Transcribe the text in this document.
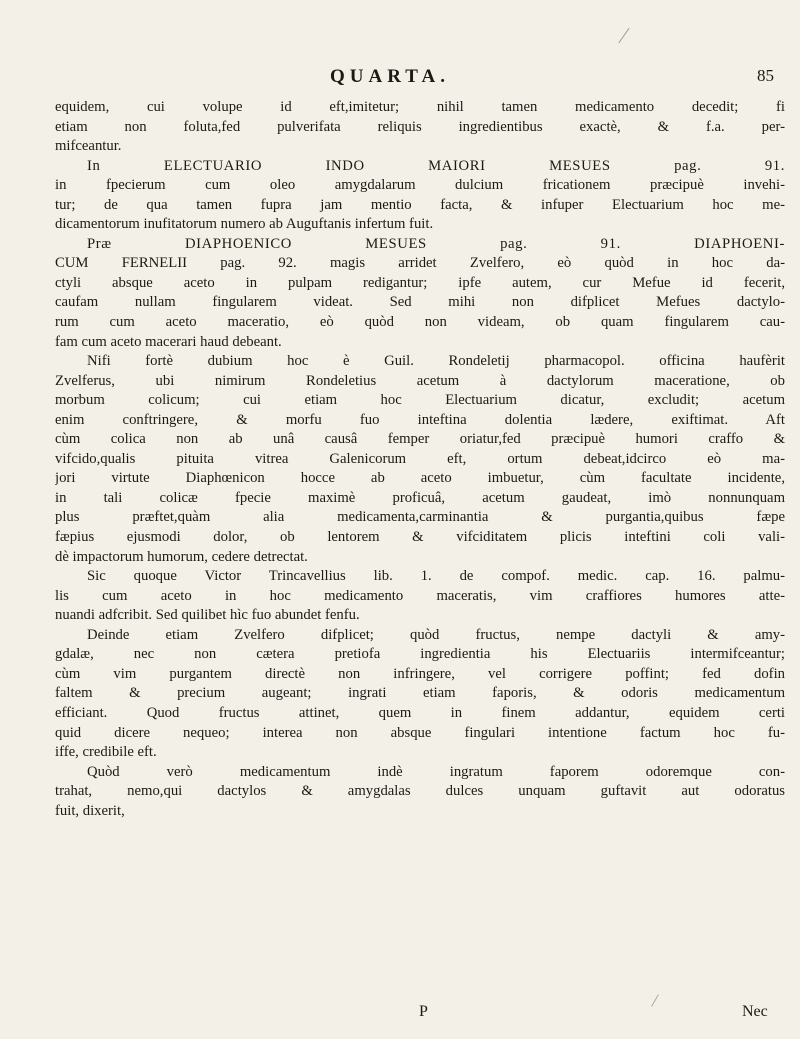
QUARTA.	85
equidem, cui volupe id eft,imitetur; nihil tamen medicamento decedit; fi
etiam non foluta,fed pulverifata reliquis ingredientibus exactè, & f.a. per-
mifceantur.
In ELECTUARIO INDO MAIORI MESUES pag. 91.
in fpecierum cum oleo amygdalarum dulcium fricationem præcipuè invehi-
tur; de qua tamen fupra jam mentio facta, & infuper Electuarium hoc me-
dicamentorum inufitatorum numero ab Auguftanis infertum fuit.
Præ DIAPHOENICO MESUES pag. 91. DIAPHOENI-
CUM FERNELII pag. 92. magis arridet Zvelfero, eò quòd in hoc da-
ctyli absque aceto in pulpam redigantur; ipfe autem, cur Mefue id fecerit,
caufam nullam fingularem videat. Sed mihi non difplicet Mefues dactylo-
rum cum aceto maceratio, eò quòd non videam, ob quam fingularem cau-
fam cum aceto macerari haud debeant.
Nifi fortè dubium hoc è Guil. Rondeletij pharmacopol. officina haufèrit
Zvelferus, ubi nimirum Rondeletius acetum à dactylorum maceratione, ob
morbum colicum; cui etiam hoc Electuarium dicatur, excludit; acetum
enim conftringere, & morfu fuo inteftina dolentia lædere, exiftimat. Aft
cùm colica non ab unâ causâ femper oriatur,fed præcipuè humori craffo &
vifcido,qualis pituita vitrea Galenicorum eft, ortum debeat,idcirco eò ma-
jori virtute Diaphœnicon hocce ab aceto imbuetur, cùm facultate incidente,
in tali colicæ fpecie maximè proficuâ, acetum gaudeat, imò nonnunquam
plus præftet,quàm alia medicamenta,carminantia & purgantia,quibus fæpe
fæpius ejusmodi dolor, ob lentorem & vifciditatem plicis inteftini coli vali-
dè impactorum humorum, cedere detrectat.
Sic quoque Victor Trincavellius lib. 1. de compof. medic. cap. 16. palmu-
lis cum aceto in hoc medicamento maceratis, vim craffiores humores atte-
nuandi adfcribit. Sed quilibet hìc fuo abundet fenfu.
Deinde etiam Zvelfero difplicet; quòd fructus, nempe dactyli & amy-
gdalæ, nec non cætera pretiofa ingredientia his Electuariis intermifceantur;
cùm vim purgantem directè non infringere, vel corrigere poffint; fed dofin
faltem & precium augeant; ingrati etiam faporis, & odoris medicamentum
efficiant. Quod fructus attinet, quem in finem addantur, equidem certi
quid dicere nequeo; interea non absque fingulari intentione factum hoc fu-
iffe, credibile eft.
Quòd verò medicamentum indè ingratum faporem odoremque con-
trahat, nemo,qui dactylos & amygdalas dulces unquam guftavit aut odoratus
fuit, dixerit,
P	Nec
